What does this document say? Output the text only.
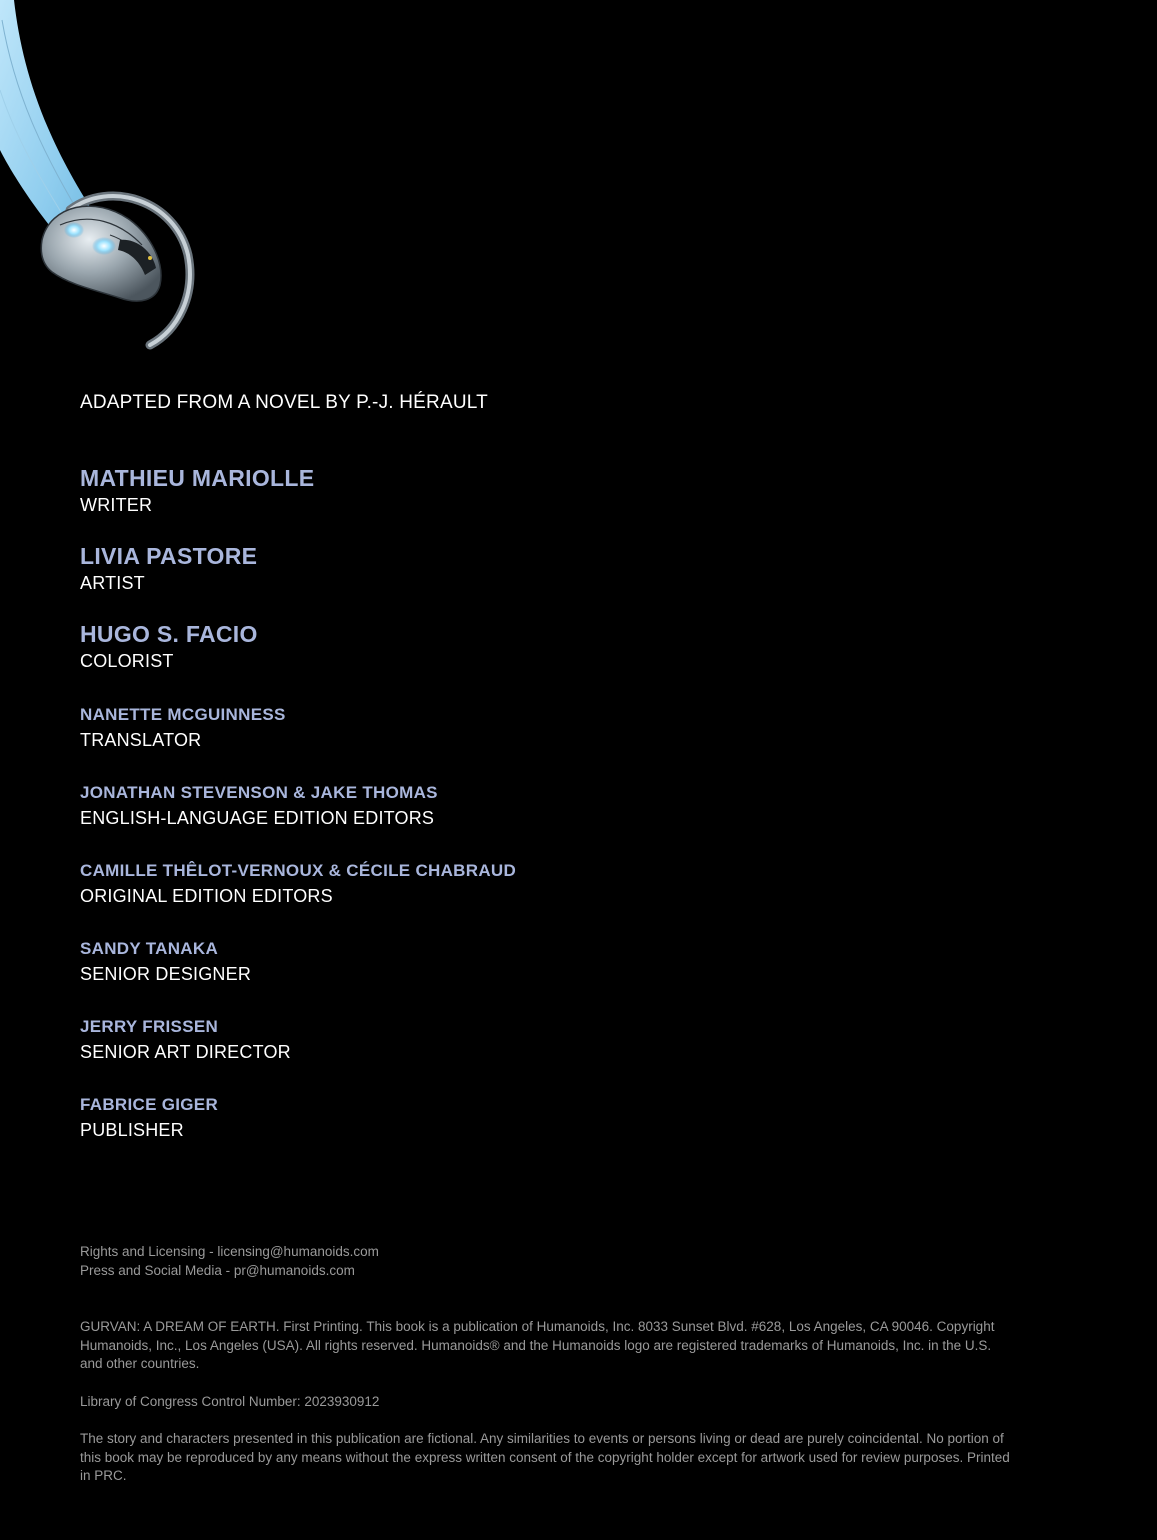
ADAPTED FROM A NOVEL BY P.-J. HÉRAULT
MATHIEU MARIOLLE
WRITER
LIVIA PASTORE
ARTIST
HUGO S. FACIO
COLORIST
NANETTE MCGUINNESS
TRANSLATOR
JONATHAN STEVENSON & JAKE THOMAS
ENGLISH-LANGUAGE EDITION EDITORS
CAMILLE THÊLOT-VERNOUX & CÉCILE CHABRAUD
ORIGINAL EDITION EDITORS
SANDY TANAKA
SENIOR DESIGNER
JERRY FRISSEN
SENIOR ART DIRECTOR
FABRICE GIGER
PUBLISHER

Rights and Licensing - licensing@humanoids.com

Press and Social Media - pr@humanoids.com

GURVAN: A DREAM OF EARTH. First Printing. This book is a publication of Humanoids, Inc. 8033 Sunset Blvd. #628, Los Angeles, CA 90046. Copyright Humanoids, Inc., Los Angeles (USA). All rights reserved. Humanoids® and the Humanoids logo are registered trademarks of Humanoids, Inc. in the U.S. and other countries.

Library of Congress Control Number: 2023930912

The story and characters presented in this publication are fictional. Any similarities to events or persons living or dead are purely coincidental. No portion of this book may be reproduced by any means without the express written consent of the copyright holder except for artwork used for review purposes. Printed in PRC.
